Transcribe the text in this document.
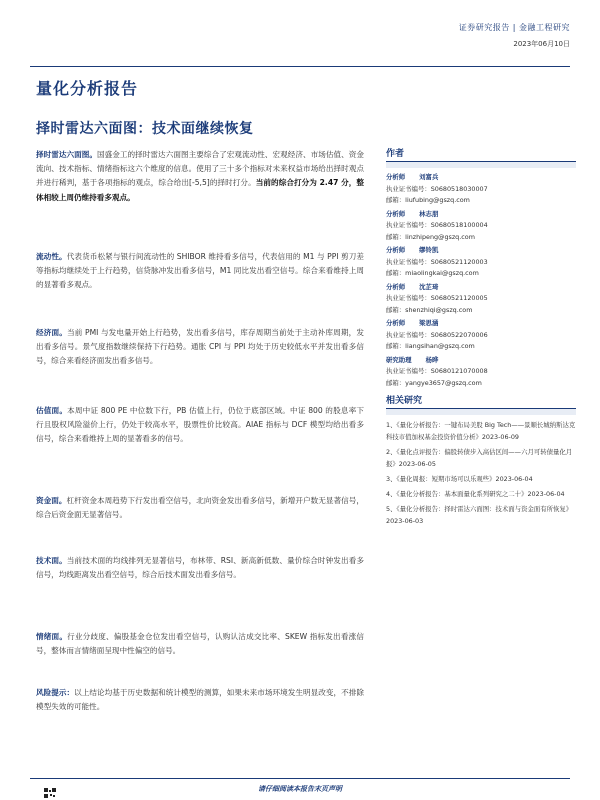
证券研究报告 | 金融工程研究
2023年06月10日
量化分析报告
择时雷达六面图：技术面继续恢复

择时雷达六面图。国盛金工的择时雷达六面图主要综合了宏观流动性、宏观经济、市场估值、资金流向、技术指标、情绪指标这六个维度的信息。使用了三十多个指标对未来权益市场给出择时观点并进行稀判，基于各项指标的观点，综合给出[-5,5]的择时打分。当前的综合打分为 2.47 分，整体相较上周仍维持看多观点。

流动性。代表货币松紧与银行间流动性的 SHIBOR 维持看多信号，代表信用的 M1 与 PPI 剪刀差等指标均继续处于上行趋势，信贷脉冲发出看多信号，M1 同比发出看空信号。综合来看维持上周的显著看多观点。

经济面。当前 PMI 与发电量开始上行趋势，发出看多信号，库存周期当前处于主动补库周期，发出看多信号。景气度指数继续保持下行趋势。通胀 CPI 与 PPI 均处于历史较低水平并发出看多信号，综合来看经济面发出看多信号。

估值面。本周中证 800 PE 中位数下行，PB 估值上行，仍位于底部区域。中证 800 的股息率下行且股权风险溢价上行，仍处于较高水平，股票性价比较高。AIAE 指标与 DCF 模型均给出看多信号，综合来看维持上周的显著看多的信号。

资金面。杠杆资金本周趋势下行发出看空信号，北向资金发出看多信号，新增开户数无显著信号，综合后资金面无显著信号。

技术面。当前技术面的均线排列无显著信号，布林带、RSI、新高新低数、量价综合时钟发出看多信号，均线距离发出看空信号，综合后技术面发出看多信号。

情绪面。行业分歧度、偏股基金仓位发出看空信号，认购认沽成交比率、SKEW 指标发出看涨信号，整体而言情绪面呈现中性偏空的信号。

风险提示：以上结论均基于历史数据和统计模型的测算，如果未来市场环境发生明显改变，不排除模型失效的可能性。

作者
分析师 刘富兵
执业证书编号：S0680518030007
邮箱：liufubing@gszq.com
分析师 林志朋
执业证书编号：S0680518100004
邮箱：linzhipeng@gszq.com
分析师 缪铃凯
执业证书编号：S0680521120003
邮箱：miaolingkai@gszq.com
分析师 沈芷琦
执业证书编号：S0680521120005
邮箱：shenzhiqi@gszq.com
分析师 梁思涵
执业证书编号：S0680522070006
邮箱：liangsihan@gszq.com
研究助理 杨晔
执业证书编号：S0680121070008
邮箱：yangye3657@gszq.com
相关研究
1、《量化分析报告：一键布局美股 Big Tech——景顺长城纳斯达克科技市值加权基金投资价值分析》2023-06-09
2、《量化点评报告：偏股转债步入高估区间——六月可转债量化月报》2023-06-05
3、《量化周报：短期市场可以乐观些》2023-06-04
4、《量化分析报告：基本面量化系列研究之二十》2023-06-04
5、《量化分析报告：择时雷达六面图：技术面与资金面有所恢复》2023-06-03
请仔细阅读本报告末页声明
